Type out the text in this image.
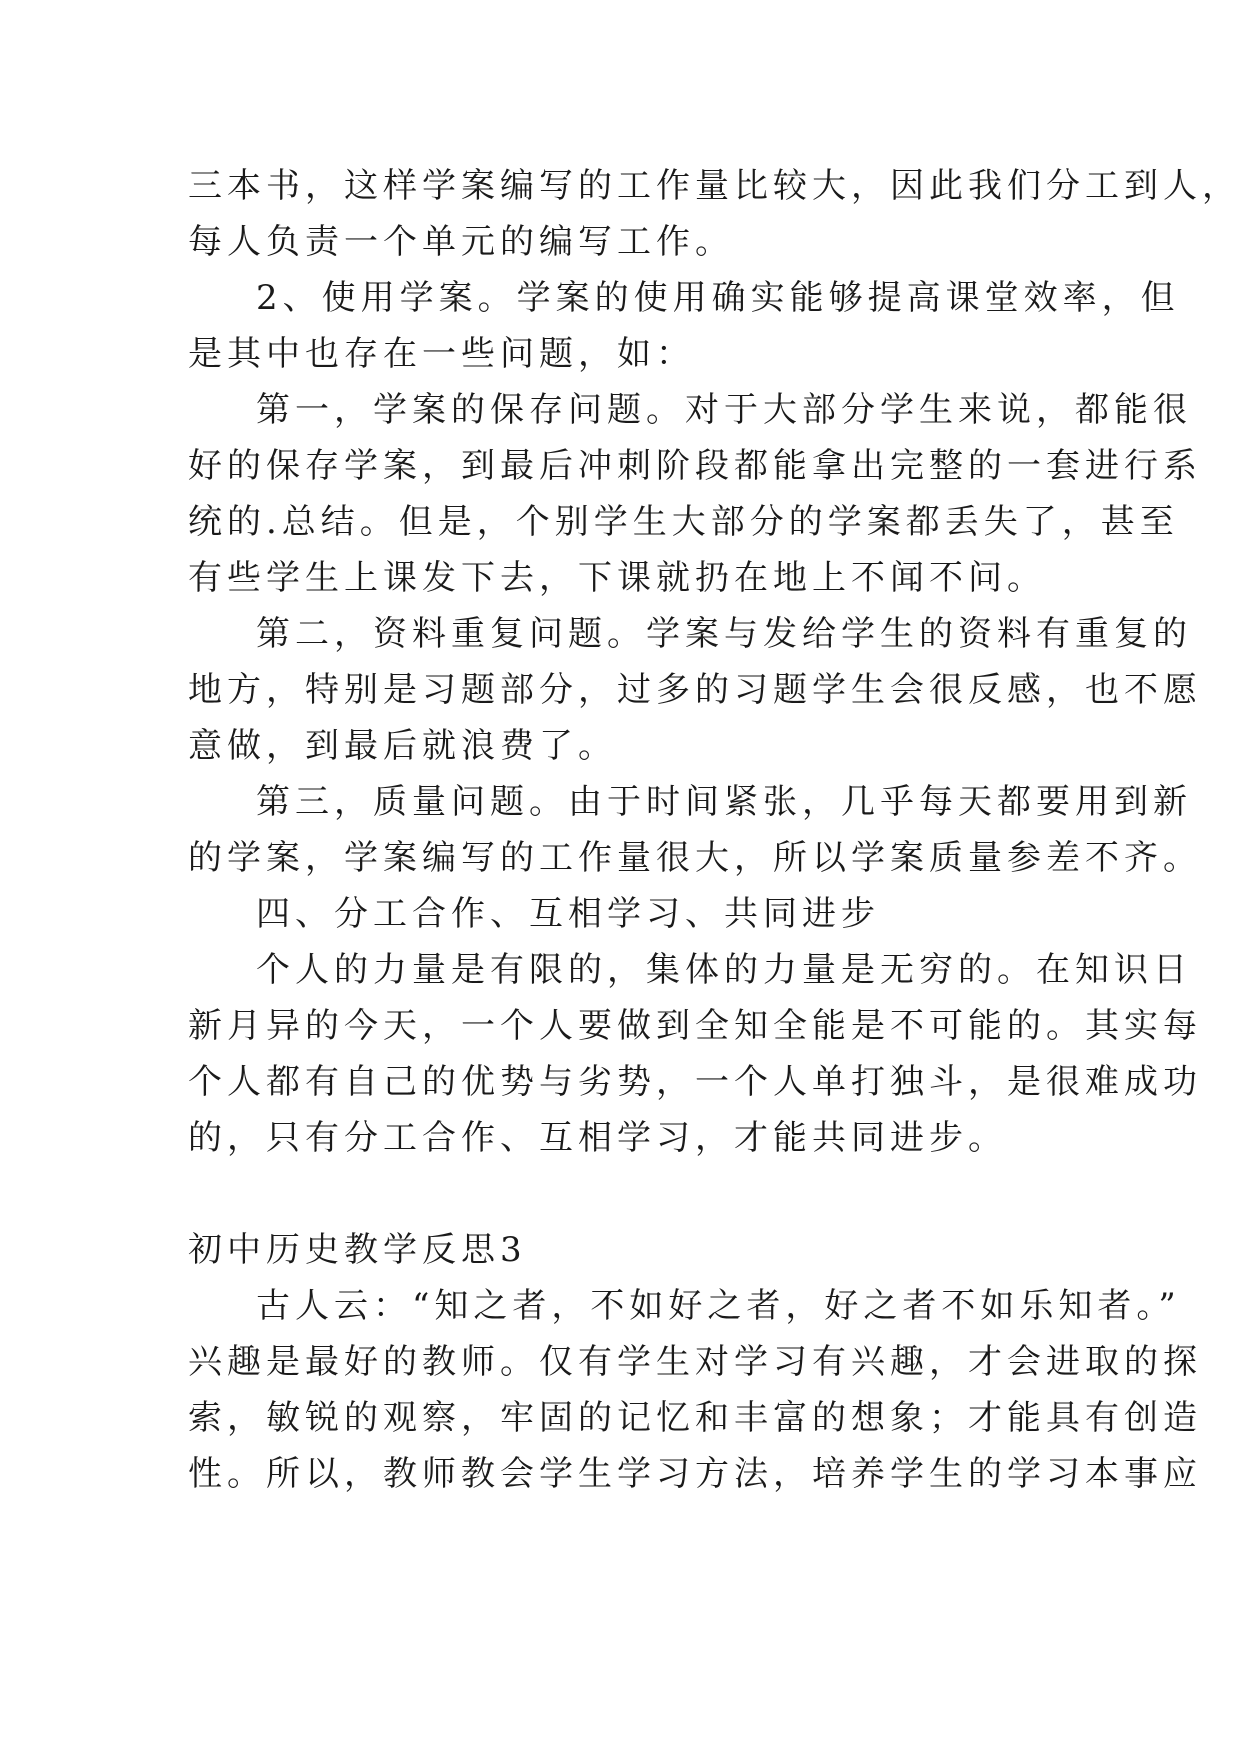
三本书，这样学案编写的工作量比较大，因此我们分工到人，
每人负责一个单元的编写工作。
2、使用学案。学案的使用确实能够提高课堂效率，但
是其中也存在一些问题，如：
第一，学案的保存问题。对于大部分学生来说，都能很
好的保存学案，到最后冲刺阶段都能拿出完整的一套进行系
统的.总结。但是，个别学生大部分的学案都丢失了，甚至
有些学生上课发下去，下课就扔在地上不闻不问。
第二，资料重复问题。学案与发给学生的资料有重复的
地方，特别是习题部分，过多的习题学生会很反感，也不愿
意做，到最后就浪费了。
第三，质量问题。由于时间紧张，几乎每天都要用到新
的学案，学案编写的工作量很大，所以学案质量参差不齐。
四、分工合作、互相学习、共同进步
个人的力量是有限的，集体的力量是无穷的。在知识日
新月异的今天，一个人要做到全知全能是不可能的。其实每
个人都有自己的优势与劣势，一个人单打独斗，是很难成功
的，只有分工合作、互相学习，才能共同进步。
初中历史教学反思3
古人云：“知之者，不如好之者，好之者不如乐知者。”
兴趣是最好的教师。仅有学生对学习有兴趣，才会进取的探
索，敏锐的观察，牢固的记忆和丰富的想象；才能具有创造
性。所以，教师教会学生学习方法，培养学生的学习本事应
